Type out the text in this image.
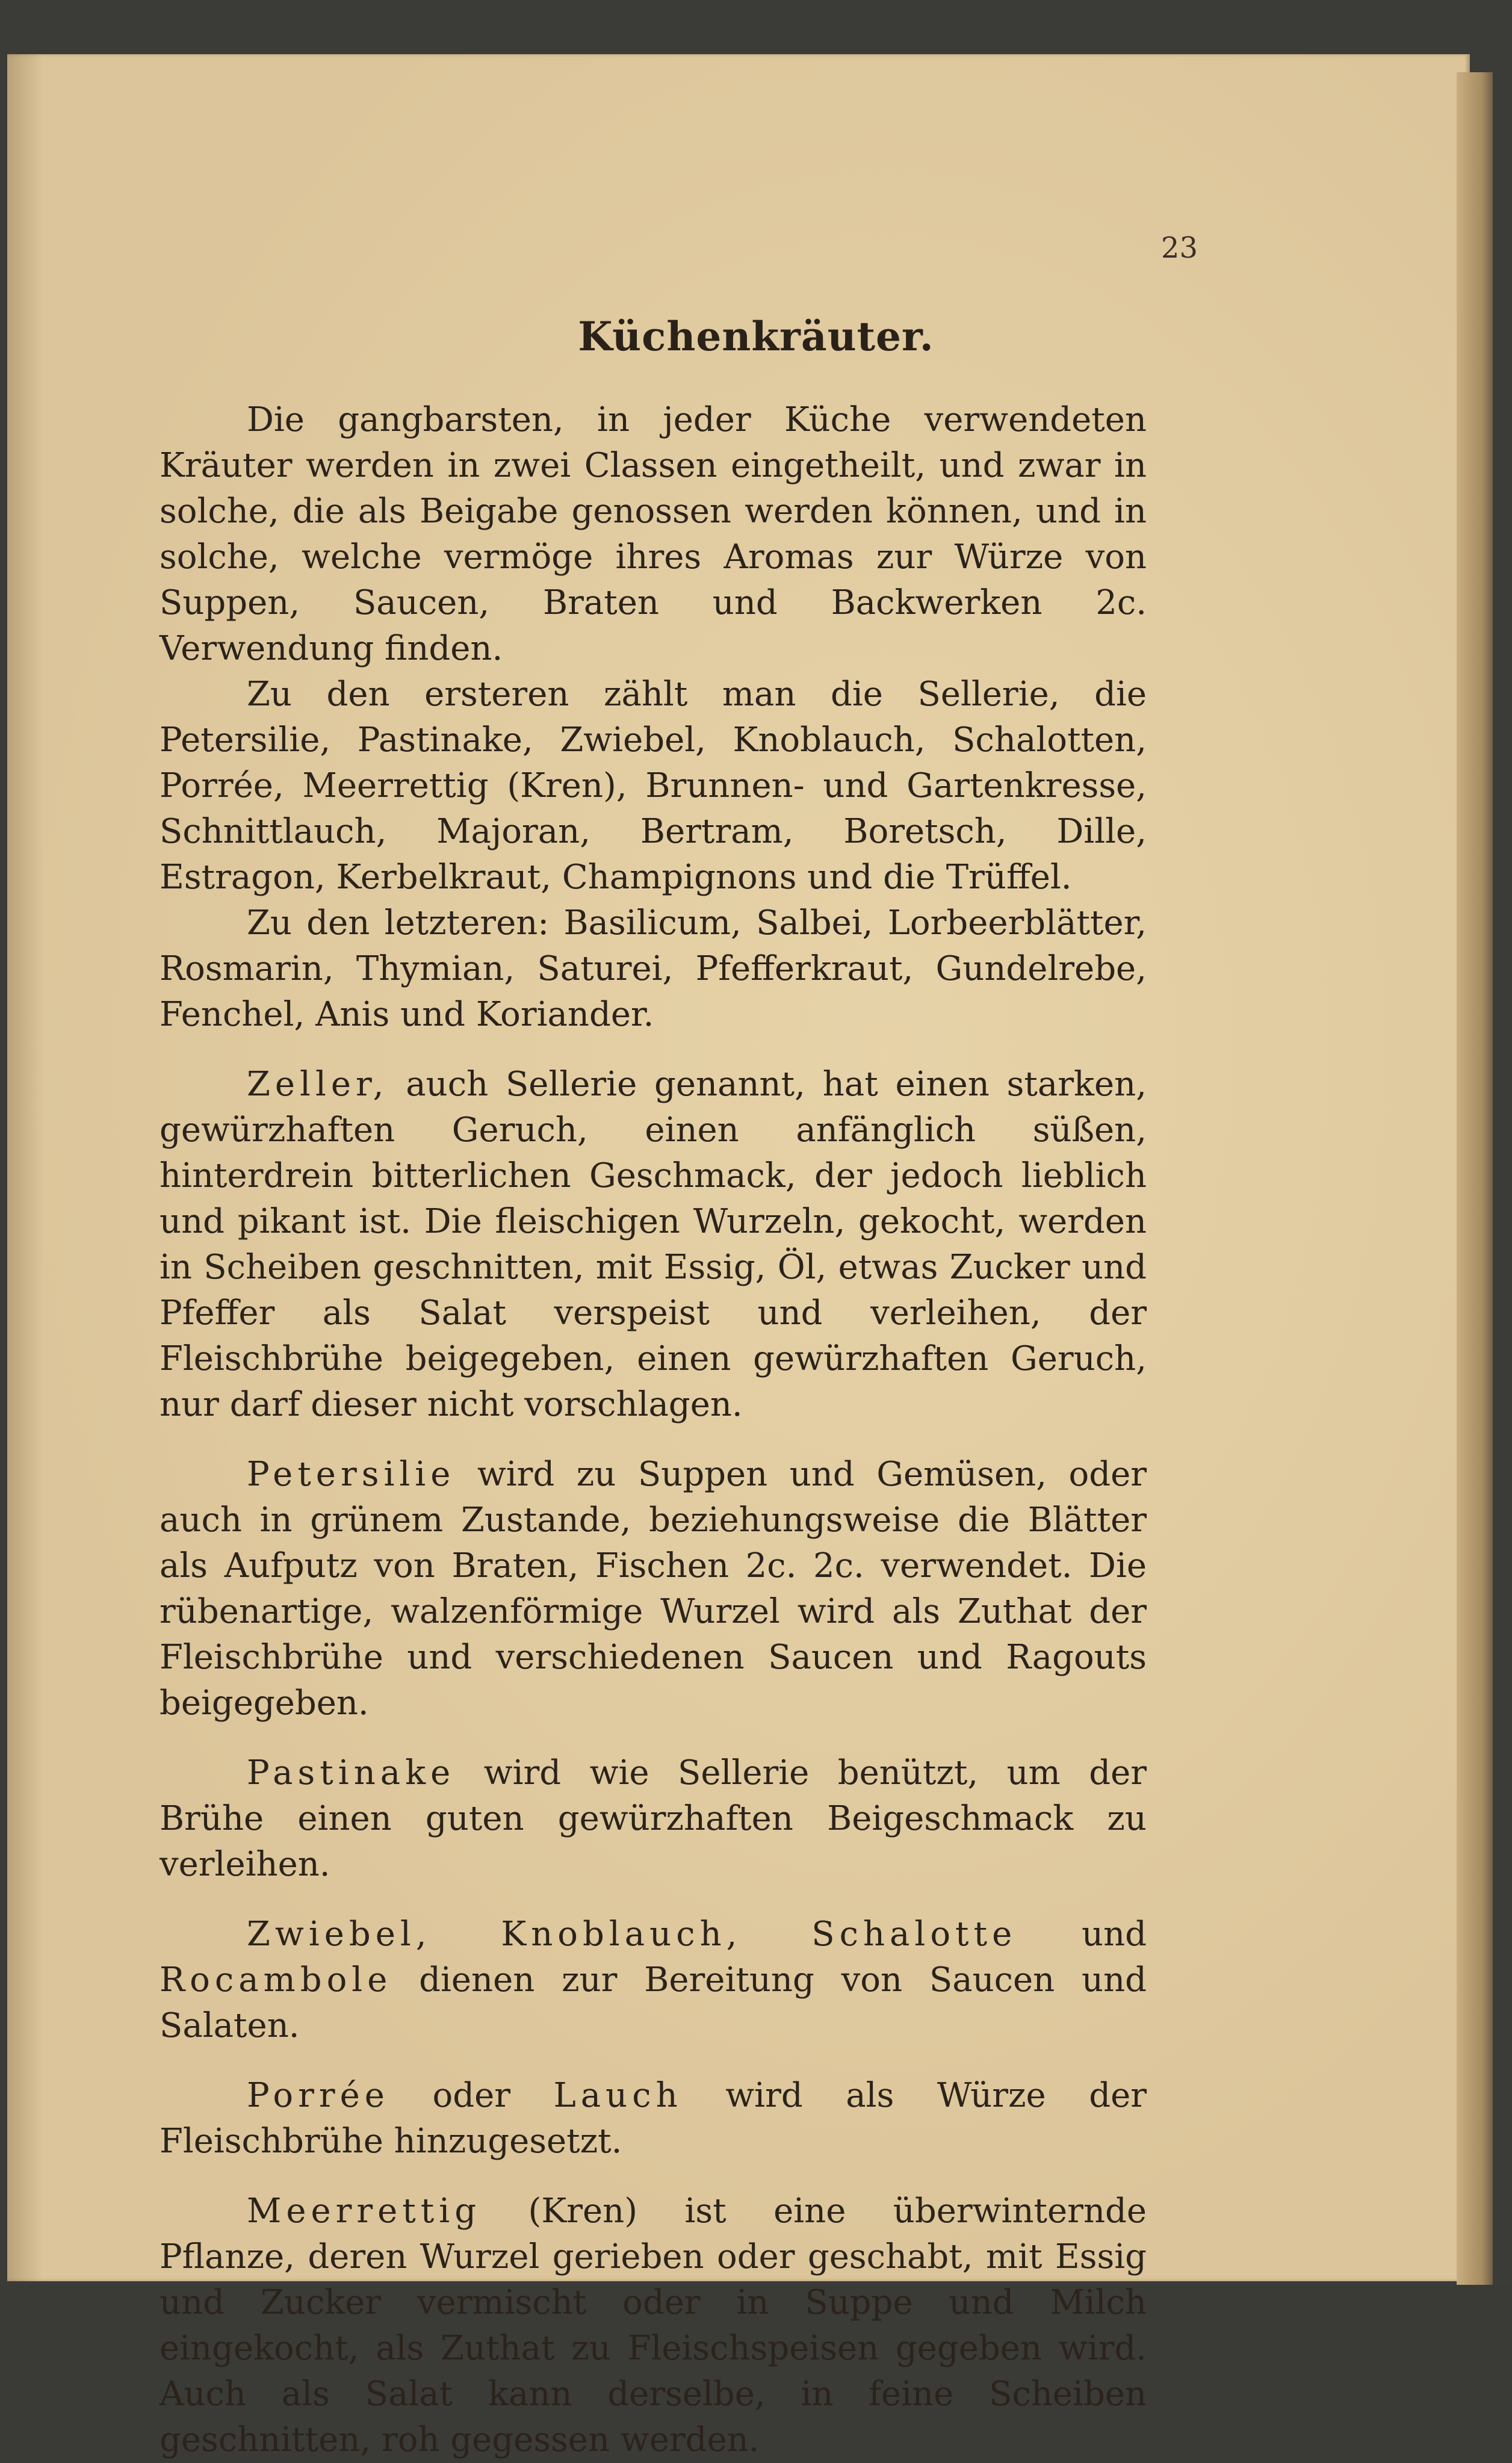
23
Küchenkräuter.

Die gangbarsten, in jeder Küche verwendeten Kräuter werden in zwei Classen eingetheilt, und zwar in solche, die als Beigabe genossen werden können, und in solche, welche vermöge ihres Aromas zur Würze von Suppen, Saucen, Braten und Backwerken 2c. Verwendung finden.

Zu den ersteren zählt man die Sellerie, die Petersilie, Pastinake, Zwiebel, Knoblauch, Schalotten, Porrée, Meerrettig (Kren), Brunnen- und Gartenkresse, Schnittlauch, Majoran, Bertram, Boretsch, Dille, Estragon, Kerbelkraut, Champignons und die Trüffel.

Zu den letzteren: Basilicum, Salbei, Lorbeerblätter, Rosmarin, Thymian, Saturei, Pfefferkraut, Gundelrebe, Fenchel, Anis und Koriander.

Zeller, auch Sellerie genannt, hat einen starken, gewürzhaften Geruch, einen anfänglich süßen, hinterdrein bitterlichen Geschmack, der jedoch lieblich und pikant ist. Die fleischigen Wurzeln, gekocht, werden in Scheiben geschnitten, mit Essig, Öl, etwas Zucker und Pfeffer als Salat verspeist und verleihen, der Fleischbrühe beigegeben, einen gewürzhaften Geruch, nur darf dieser nicht vorschlagen.

Petersilie wird zu Suppen und Gemüsen, oder auch in grünem Zustande, beziehungsweise die Blätter als Aufputz von Braten, Fischen 2c. 2c. verwendet. Die rübenartige, walzenförmige Wurzel wird als Zuthat der Fleischbrühe und verschiedenen Saucen und Ragouts beigegeben.

Pastinake wird wie Sellerie benützt, um der Brühe einen guten gewürzhaften Beigeschmack zu verleihen.

Zwiebel, Knoblauch, Schalotte und Rocambole dienen zur Bereitung von Saucen und Salaten.

Porrée oder Lauch wird als Würze der Fleischbrühe hinzugesetzt.

Meerrettig (Kren) ist eine überwinternde Pflanze, deren Wurzel gerieben oder geschabt, mit Essig und Zucker vermischt oder in Suppe und Milch eingekocht, als Zuthat zu Fleischspeisen gegeben wird. Auch als Salat kann derselbe, in feine Scheiben geschnitten, roh gegessen werden.
